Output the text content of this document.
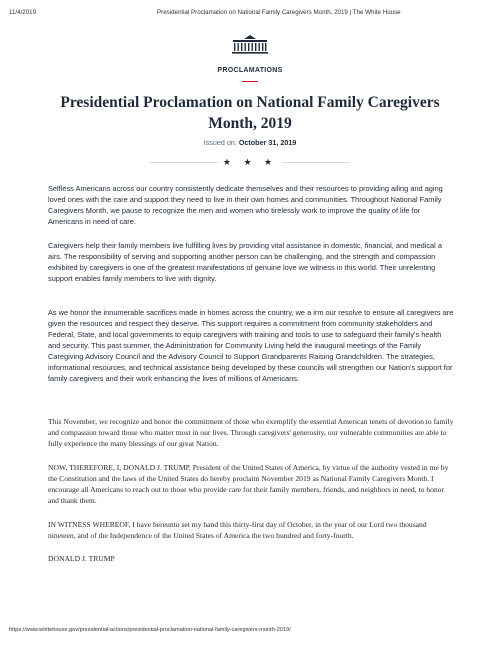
11/4/2019	Presidential Proclamation on National Family Caregivers Month, 2019 | The White House
PROCLAMATIONS
Presidential Proclamation on National Family Caregivers Month, 2019
Issued on: October 31, 2019
★ ★ ★

Selfless Americans across our country consistently dedicate themselves and their resources to providing ailing and aging loved ones with the care and support they need to live in their own homes and communities. Throughout National Family Caregivers Month, we pause to recognize the men and women who tirelessly work to improve the quality of life for Americans in need of care.

Caregivers help their family members live fulfilling lives by providing vital assistance in domestic, financial, and medical a airs. The responsibility of serving and supporting another person can be challenging, and the strength and compassion exhibited by caregivers is one of the greatest manifestations of genuine love we witness in this world. Their unrelenting support enables family members to live with dignity.

As we honor the innumerable sacrifices made in homes across the country, we a irm our resolve to ensure all caregivers are given the resources and respect they deserve. This support requires a commitment from community stakeholders and Federal, State, and local governments to equip caregivers with training and tools to use to safeguard their family's health and security. This past summer, the Administration for Community Living held the inaugural meetings of the Family Caregiving Advisory Council and the Advisory Council to Support Grandparents Raising Grandchildren. The strategies, informational resources, and technical assistance being developed by these councils will strengthen our Nation's support for family caregivers and their work enhancing the lives of millions of Americans.

This November, we recognize and honor the commitment of those who exemplify the essential American tenets of devotion to family and compassion toward those who matter most in our lives. Through caregivers' generosity, our vulnerable communities are able to fully experience the many blessings of our great Nation.

NOW, THEREFORE, I, DONALD J. TRUMP, President of the United States of America, by virtue of the authority vested in me by the Constitution and the laws of the United States do hereby proclaim November 2019 as National Family Caregivers Month. I encourage all Americans to reach out to those who provide care for their family members, friends, and neighbors in need, to honor and thank them.

IN WITNESS WHEREOF, I have hereunto set my hand this thirty-first day of October, in the year of our Lord two thousand nineteen, and of the Independence of the United States of America the two hundred and forty-fourth.

DONALD J. TRUMP

https://www.whitehouse.gov/presidential-actions/presidential-proclamation-national-family-caregivers-month-2019/
